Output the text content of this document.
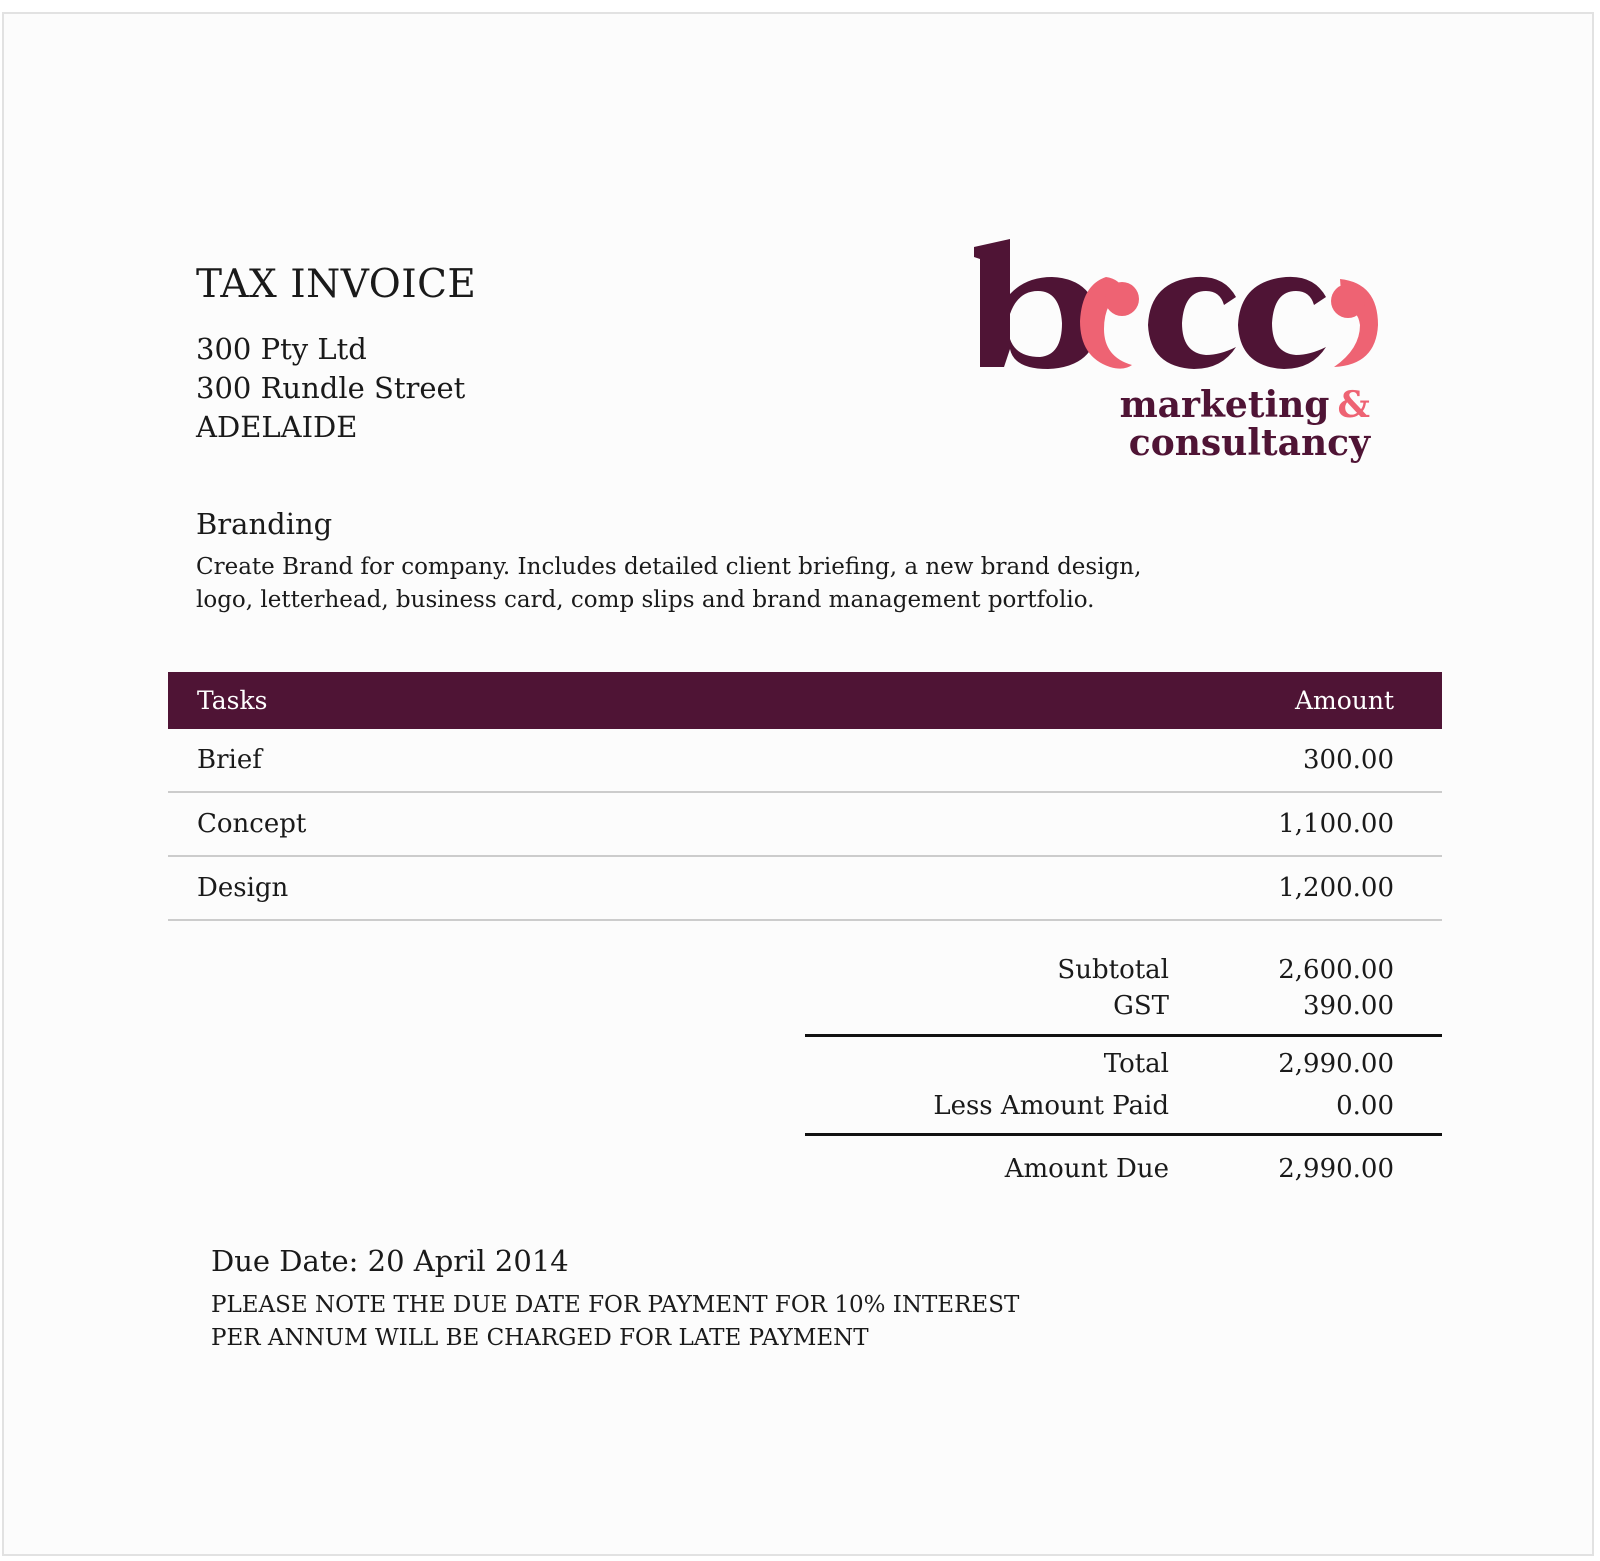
TAX INVOICE
300 Pty Ltd
300 Rundle Street
ADELAIDE
marketing &
consultancy
Branding
Create Brand for company. Includes detailed client briefing, a new brand design, logo, letterhead, business card, comp slips and brand management portfolio.
Tasks	Amount
Brief	300.00
Concept	1,100.00
Design	1,200.00
Subtotal	2,600.00
GST	390.00
Total	2,990.00
Less Amount Paid	0.00
Amount Due	2,990.00
Due Date: 20 April 2014
PLEASE NOTE THE DUE DATE FOR PAYMENT FOR 10% INTEREST
PER ANNUM WILL BE CHARGED FOR LATE PAYMENT
